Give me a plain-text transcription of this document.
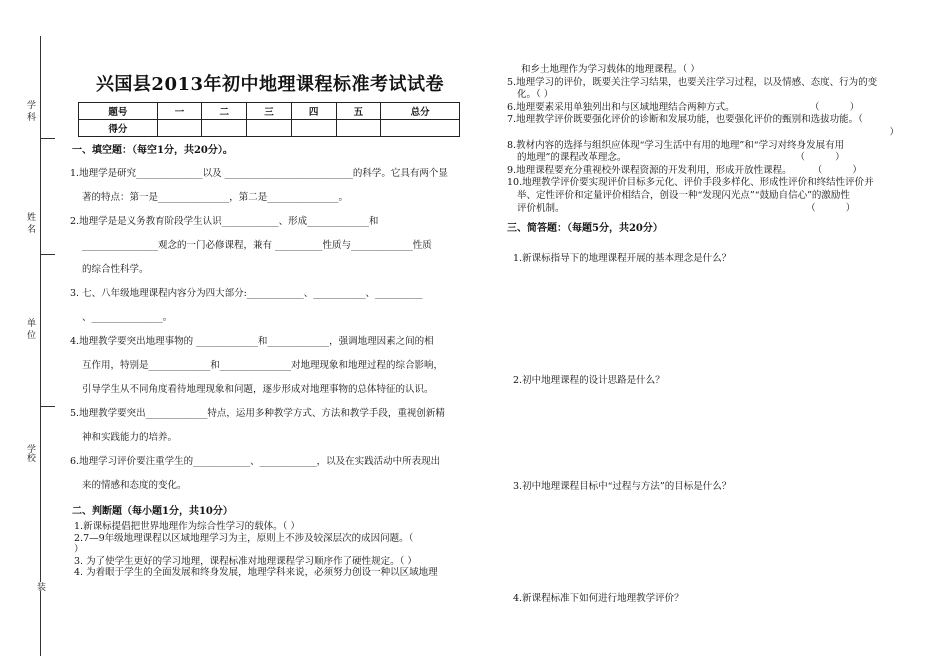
学 科
姓 名
单 位
学校
装
兴国县2013年初中地理课程标准考试试卷
题号	一	二	三	四	五	总分
得分						
一、填空题：（每空1分，共20分）。
1.地理学是研究______________以及 ___________________________的科学。它具有两个显
著的特点：第一是_______________，第二是_______________。
2.地理学是是义务教育阶段学生认识____________、形成_____________和
________________观念的一门必修课程，兼有 __________性质与_____________性质
的综合性科学。
3. 七、八年级地理课程内容分为四大部分:____________、___________、__________
、_______________。
4.地理教学要突出地理事物的 _____________和_____________，强调地理因素之间的相
互作用，特别是_____________和_______________对地理现象和地理过程的综合影响，
引导学生从不同角度看待地理现象和问题，逐步形成对地理事物的总体特征的认识。
5.地理教学要突出_____________特点，运用多种教学方式、方法和教学手段，重视创新精
神和实践能力的培养。
6.地理学习评价要注重学生的____________、____________，以及在实践活动中所表现出
来的情感和态度的变化。
二、判断题（每小题1分，共10分）
1.新课标提倡把世界地理作为综合性学习的载体。（ ）
2.7—9年级地理课程以区域地理学习为主，原则上不涉及较深层次的成因问题。（
）
3. 为了使学生更好的学习地理，课程标准对地理课程学习顺序作了硬性规定。（ ）
4. 为着眼于学生的全面发展和终身发展，地理学科来说，必须努力创设一种以区域地理
和乡土地理作为学习载体的地理课程。（ ）
5.地理学习的评价，既要关注学习结果，也要关注学习过程，以及情感、态度、行为的变
化。（ ）
6.地理要素采用单独列出和与区域地理结合两种方式。                         （          ）
7.地理教学评价既要强化评价的诊断和发展功能，也要强化评价的甄别和选拔功能。（
）
8.教材内容的选择与组织应体现“学习生活中有用的地理”和“学习对终身发展有用
的地理”的课程改革理念。                                                        （          ）
9.地理课程要充分重视校外课程资源的开发利用，形成开放性课程。       （          ）
10.地理教学评价要实现评价目标多元化、评价手段多样化、形成性评价和终结性评价并
举、定性评价和定量评价相结合，创设一种“发现闪光点”“鼓励自信心”的激励性
评价机制。                                                                                （          ）
三、简答题：（每题5分，共20分）
1.新课标指导下的地理课程开展的基本理念是什么？
2.初中地理课程的设计思路是什么？
3.初中地理课程目标中“过程与方法”的目标是什么？
4.新课程标准下如何进行地理教学评价？
